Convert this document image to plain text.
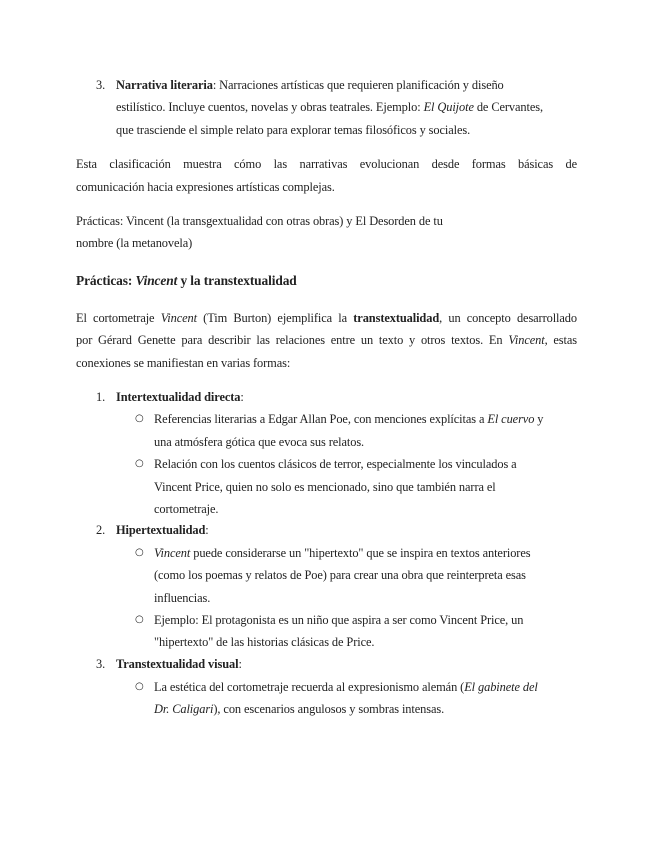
3. Narrativa literaria: Narraciones artísticas que requieren planificación y diseño
estilístico. Incluye cuentos, novelas y obras teatrales. Ejemplo: El Quijote de Cervantes,
que trasciende el simple relato para explorar temas filosóficos y sociales.
Esta clasificación muestra cómo las narrativas evolucionan desde formas básicas de
comunicación hacia expresiones artísticas complejas.
Prácticas: Vincent (la transgextualidad con otras obras) y El Desorden de tu
nombre (la metanovela)
Prácticas: Vincent y la transtextualidad
El cortometraje Vincent (Tim Burton) ejemplifica la transtextualidad, un concepto desarrollado
por Gérard Genette para describir las relaciones entre un texto y otros textos. En Vincent, estas
conexiones se manifiestan en varias formas:
1. Intertextualidad directa:
○ Referencias literarias a Edgar Allan Poe, con menciones explícitas a El cuervo y
una atmósfera gótica que evoca sus relatos.
○ Relación con los cuentos clásicos de terror, especialmente los vinculados a
Vincent Price, quien no solo es mencionado, sino que también narra el
cortometraje.
2. Hipertextualidad:
○ Vincent puede considerarse un "hipertexto" que se inspira en textos anteriores
(como los poemas y relatos de Poe) para crear una obra que reinterpreta esas
influencias.
○ Ejemplo: El protagonista es un niño que aspira a ser como Vincent Price, un
"hipertexto" de las historias clásicas de Price.
3. Transtextualidad visual:
○ La estética del cortometraje recuerda al expresionismo alemán (El gabinete del
Dr. Caligari), con escenarios angulosos y sombras intensas.
